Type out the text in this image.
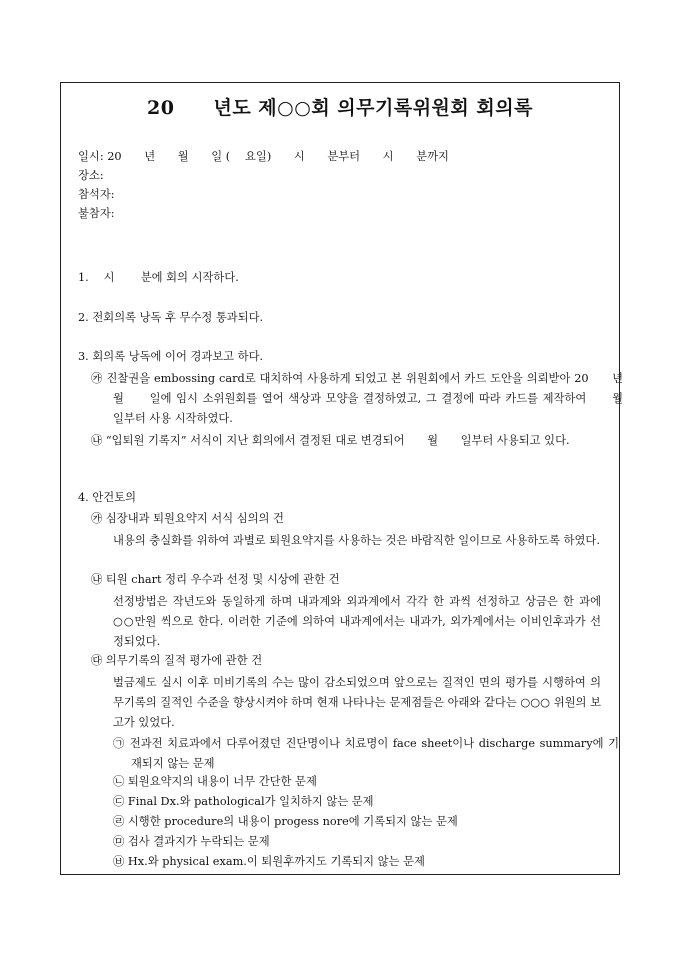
20　　년도 제○○회 의무기록위원회 회의록

일시: 20　　년　　월　　일 (　 요일)　　시　　분부터　　시　　분까지

장소:

참석자:

불참자:

1.　 시　　 분에 회의 시작하다.

2. 전회의록 낭독 후 무수정 통과되다.

3. 회의록 낭독에 이어 경과보고 하다.

㉮ 진찰권을 embossing card로 대치하여 사용하게 되었고 본 위원회에서 카드 도안을 의뢰받아 20　　년　　월　　일에 임시 소위원회를 열어 색상과 모양을 결정하였고, 그 결정에 따라 카드를 제작하여　　월　　일부터 사용 시작하였다.

㉯ “입퇴원 기록지” 서식이 지난 회의에서 결정된 대로 변경되어　　월　　일부터 사용되고 있다.

4. 안건토의

㉮ 심장내과 퇴원요약지 서식 심의의 건

내용의 충실화를 위하여 과별로 퇴원요약지를 사용하는 것은 바람직한 일이므로 사용하도록 하였다.

㉯ 티원 chart 정리 우수과 선정 및 시상에 관한 건

선정방법은 작년도와 동일하게 하며 내과계와 외과계에서 각각 한 과씩 선정하고 상금은 한 과에 ○○만원 씩으로 한다. 이러한 기준에 의하여 내과계에서는 내과가, 외가계에서는 이비인후과가 선정되었다.

㉰ 의무기록의 질적 평가에 관한 건

벌금제도 실시 이후 미비기록의 수는 많이 감소되었으며 앞으로는 질적인 면의 평가를 시행하여 의무기록의 질적인 수준을 향상시켜야 하며 현재 나타나는 문제점들은 아래와 같다는 ○○○ 위원의 보고가 있었다.

㉠ 전과전 치료과에서 다루어졌던 진단명이나 치료명이 face sheet이나 discharge summary에 기재되지 않는 문제

㉡ 퇴원요약지의 내용이 너무 간단한 문제

㉢ Final Dx.와 pathological가 일치하지 않는 문제

㉣ 시행한 procedure의 내용이 progess nore에 기록되지 않는 문제

㉤ 검사 결과지가 누락되는 문제

㉥ Hx.와 physical exam.이 퇴원후까지도 기록되지 않는 문제
